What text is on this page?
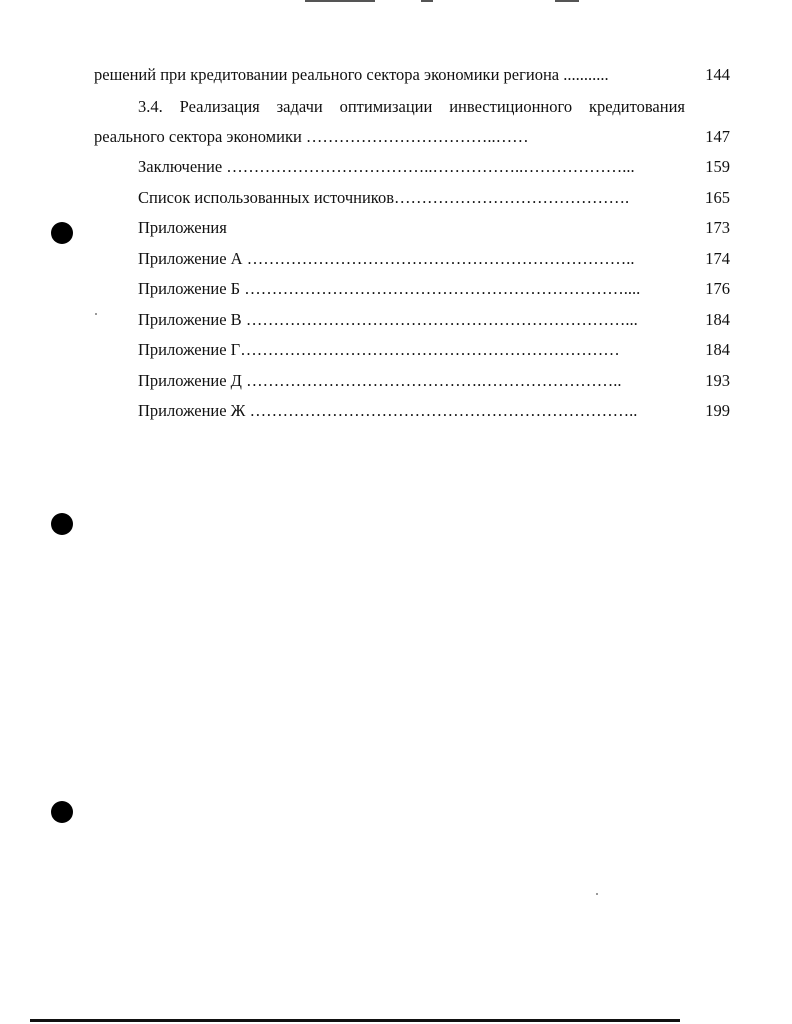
решений при кредитовании реального сектора экономики региона ...........	144
3.4. Реализация задачи оптимизации инвестиционного кредитования
реального сектора экономики ……………………………..……	147
Заключение ………………………………..……………..………………...	159
Список использованных источников…………………………………….	165
Приложения	173
Приложение А ……………………………………………………………..	174
Приложение Б ……………………………………………………………....	176
Приложение В ……………………………………………………………...	184
Приложение Г……………………………………………………………	184
Приложение Д …………………………………….……………………..	193
Приложение Ж ……………………………………………………………..	199
